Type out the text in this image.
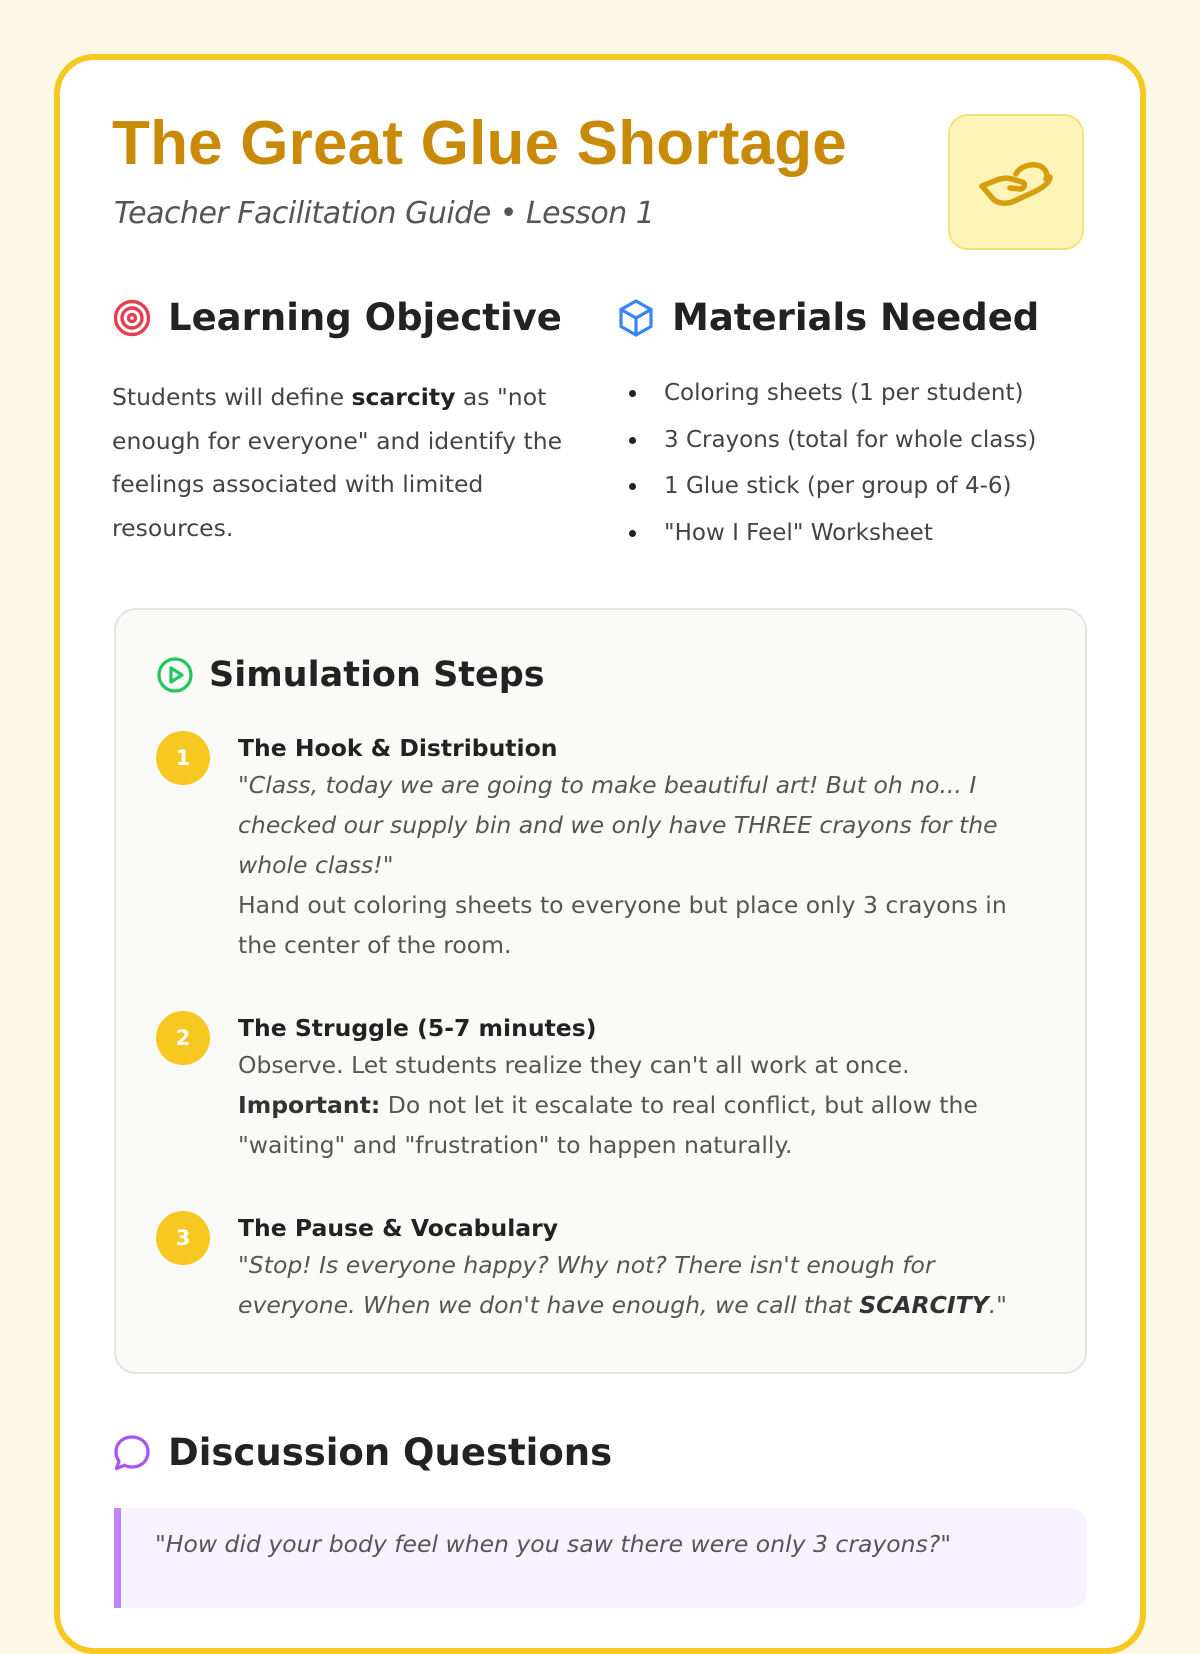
The Great Glue Shortage
Teacher Facilitation Guide • Lesson 1
Learning Objective

Students will define scarcity as "not enough for everyone" and identify the feelings associated with limited resources.

Materials Needed
Coloring sheets (1 per student)
3 Crayons (total for whole class)
1 Glue stick (per group of 4-6)
"How I Feel" Worksheet
Simulation Steps
1	The Hook & Distribution
"Class, today we are going to make beautiful art! But oh no... I checked our supply bin and we only have THREE crayons for the whole class!"
Hand out coloring sheets to everyone but place only 3 crayons in the center of the room.
2	The Struggle (5-7 minutes)
Observe. Let students realize they can't all work at once.
Important: Do not let it escalate to real conflict, but allow the "waiting" and "frustration" to happen naturally.
3	The Pause & Vocabulary
"Stop! Is everyone happy? Why not? There isn't enough for everyone. When we don't have enough, we call that SCARCITY."
Discussion Questions
"How did your body feel when you saw there were only 3 crayons?"
